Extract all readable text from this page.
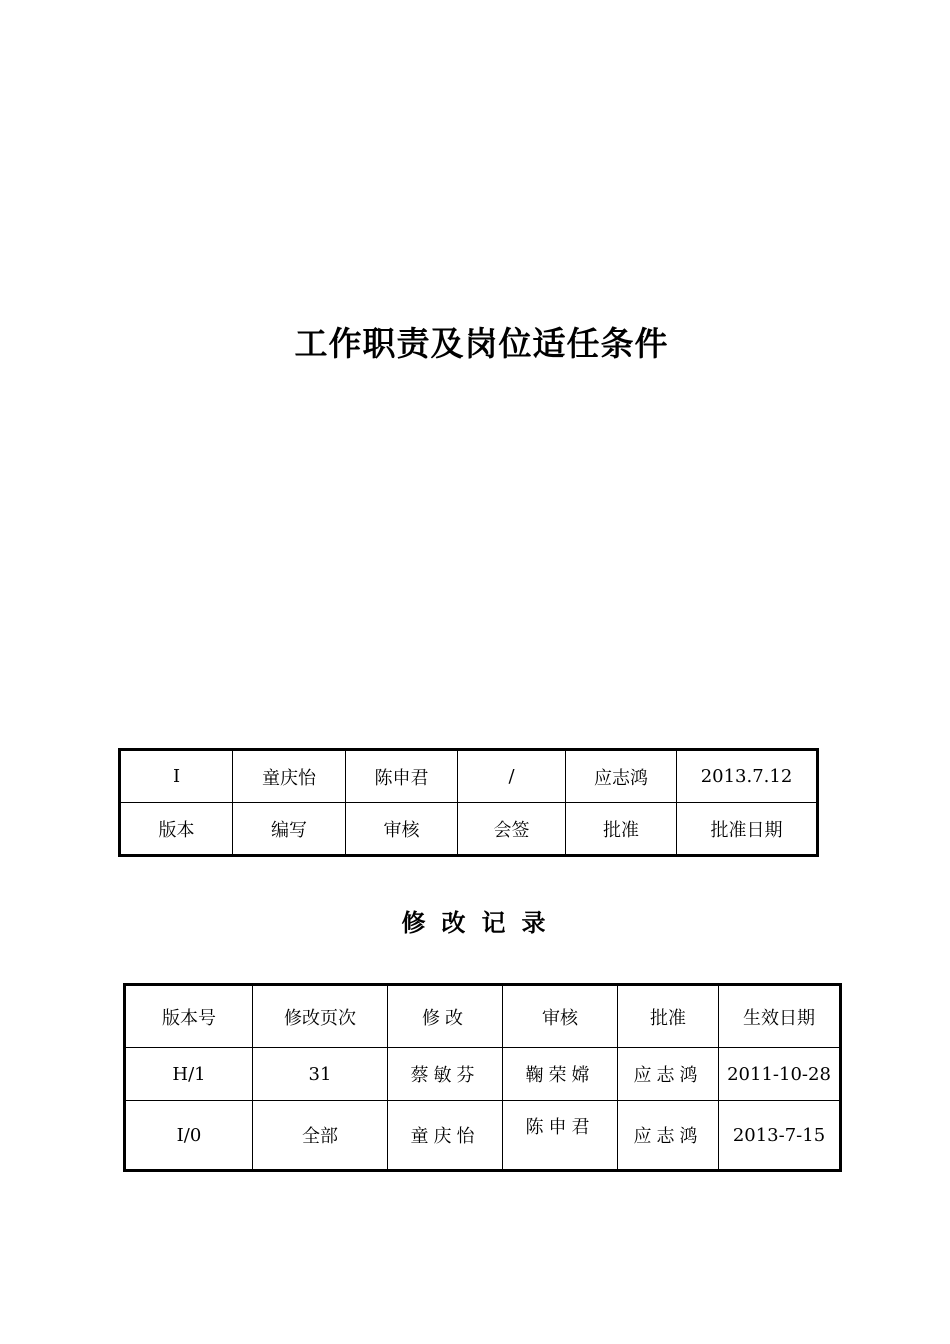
工作职责及岗位适任条件
I	童庆怡	陈申君	/	应志鸿	2013.7.12
版本	编写	审核	会签	批准	批准日期
修改记录
版本号	修改页次	修改	审核	批准	生效日期
H/1	31	蔡敏芬	鞠荣嫦	应志鸿	2011-10-28
I/0	全部	童庆怡	陈申君	应志鸿	2013-7-15
